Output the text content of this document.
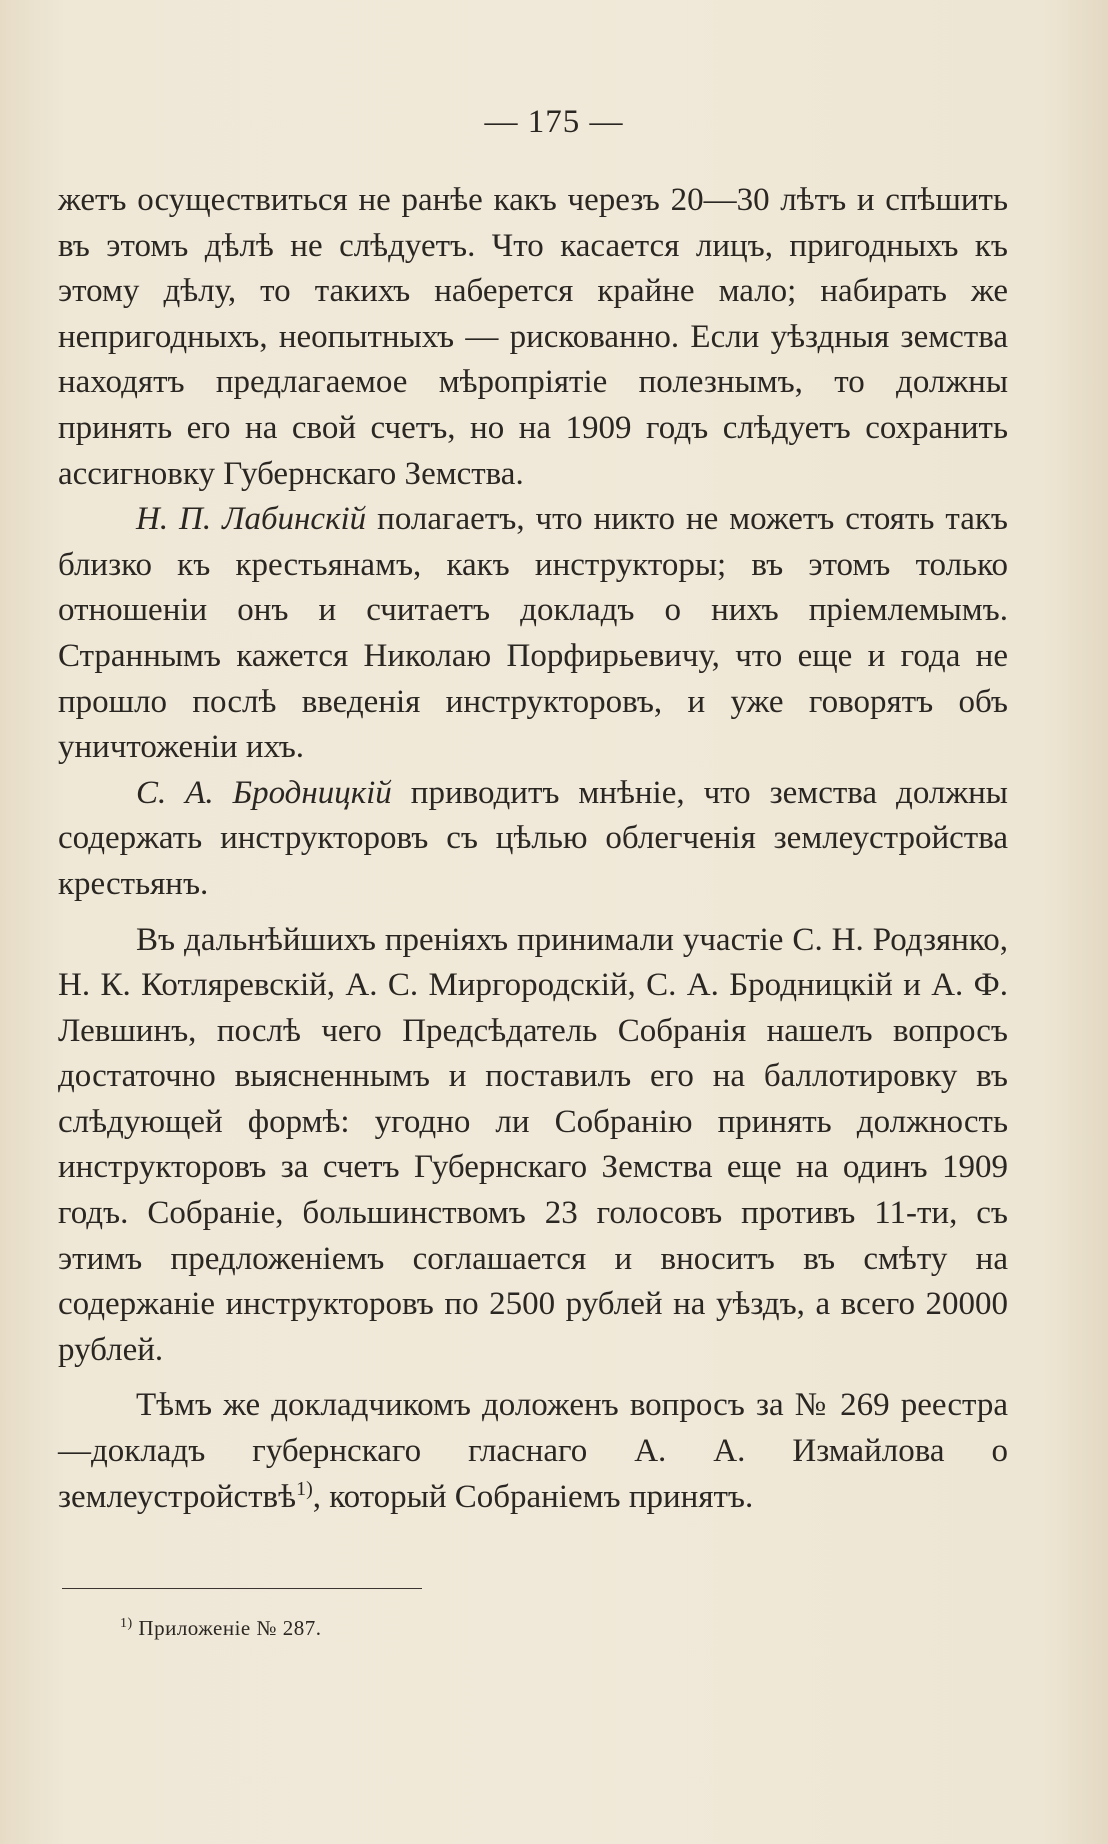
— 175 —

жетъ осуществиться не ранѣе какъ черезъ 20—30 лѣтъ и спѣшить въ этомъ дѣлѣ не слѣдуетъ. Что касается лицъ, пригодныхъ къ этому дѣлу, то такихъ наберется крайне мало; набирать же непригодныхъ, неопытныхъ — рискованно. Если уѣздныя земства находятъ предлагаемое мѣропріятіе полезнымъ, то должны принять его на свой счетъ, но на 1909 годъ слѣдуетъ сохранить ассигновку Губернскаго Земства.

Н. П. Лабинскій полагаетъ, что никто не можетъ стоять такъ близко къ крестьянамъ, какъ инструкторы; въ этомъ только отношеніи онъ и считаетъ докладъ о нихъ пріемлемымъ. Страннымъ кажется Николаю Порфирьевичу, что еще и года не прошло послѣ введенія инструкторовъ, и уже говорятъ объ уничтоженіи ихъ.

С. А. Бродницкій приводитъ мнѣніе, что земства должны содержать инструкторовъ съ цѣлью облегченія землеустройства крестьянъ.

Въ дальнѣйшихъ преніяхъ принимали участіе С. Н. Родзянко, Н. К. Котляревскій, А. С. Миргородскій, С. А. Бродницкій и А. Ф. Левшинъ, послѣ чего Предсѣдатель Собранія нашелъ вопросъ достаточно выясненнымъ и поставилъ его на баллотировку въ слѣдующей формѣ: угодно ли Собранію принять должность инструкторовъ за счетъ Губернскаго Земства еще на одинъ 1909 годъ. Собраніе, большинствомъ 23 голосовъ противъ 11-ти, съ этимъ предложеніемъ соглашается и вноситъ въ смѣту на содержаніе инструкторовъ по 2500 рублей на уѣздъ, а всего 20000 рублей.

Тѣмъ же докладчикомъ доложенъ вопросъ за № 269 реестра—докладъ губернскаго гласнаго А. А. Измайлова о землеустройствѣ$^{1)}$, который Собраніемъ принятъ.

$^{1)}$ Приложеніе № 287.
